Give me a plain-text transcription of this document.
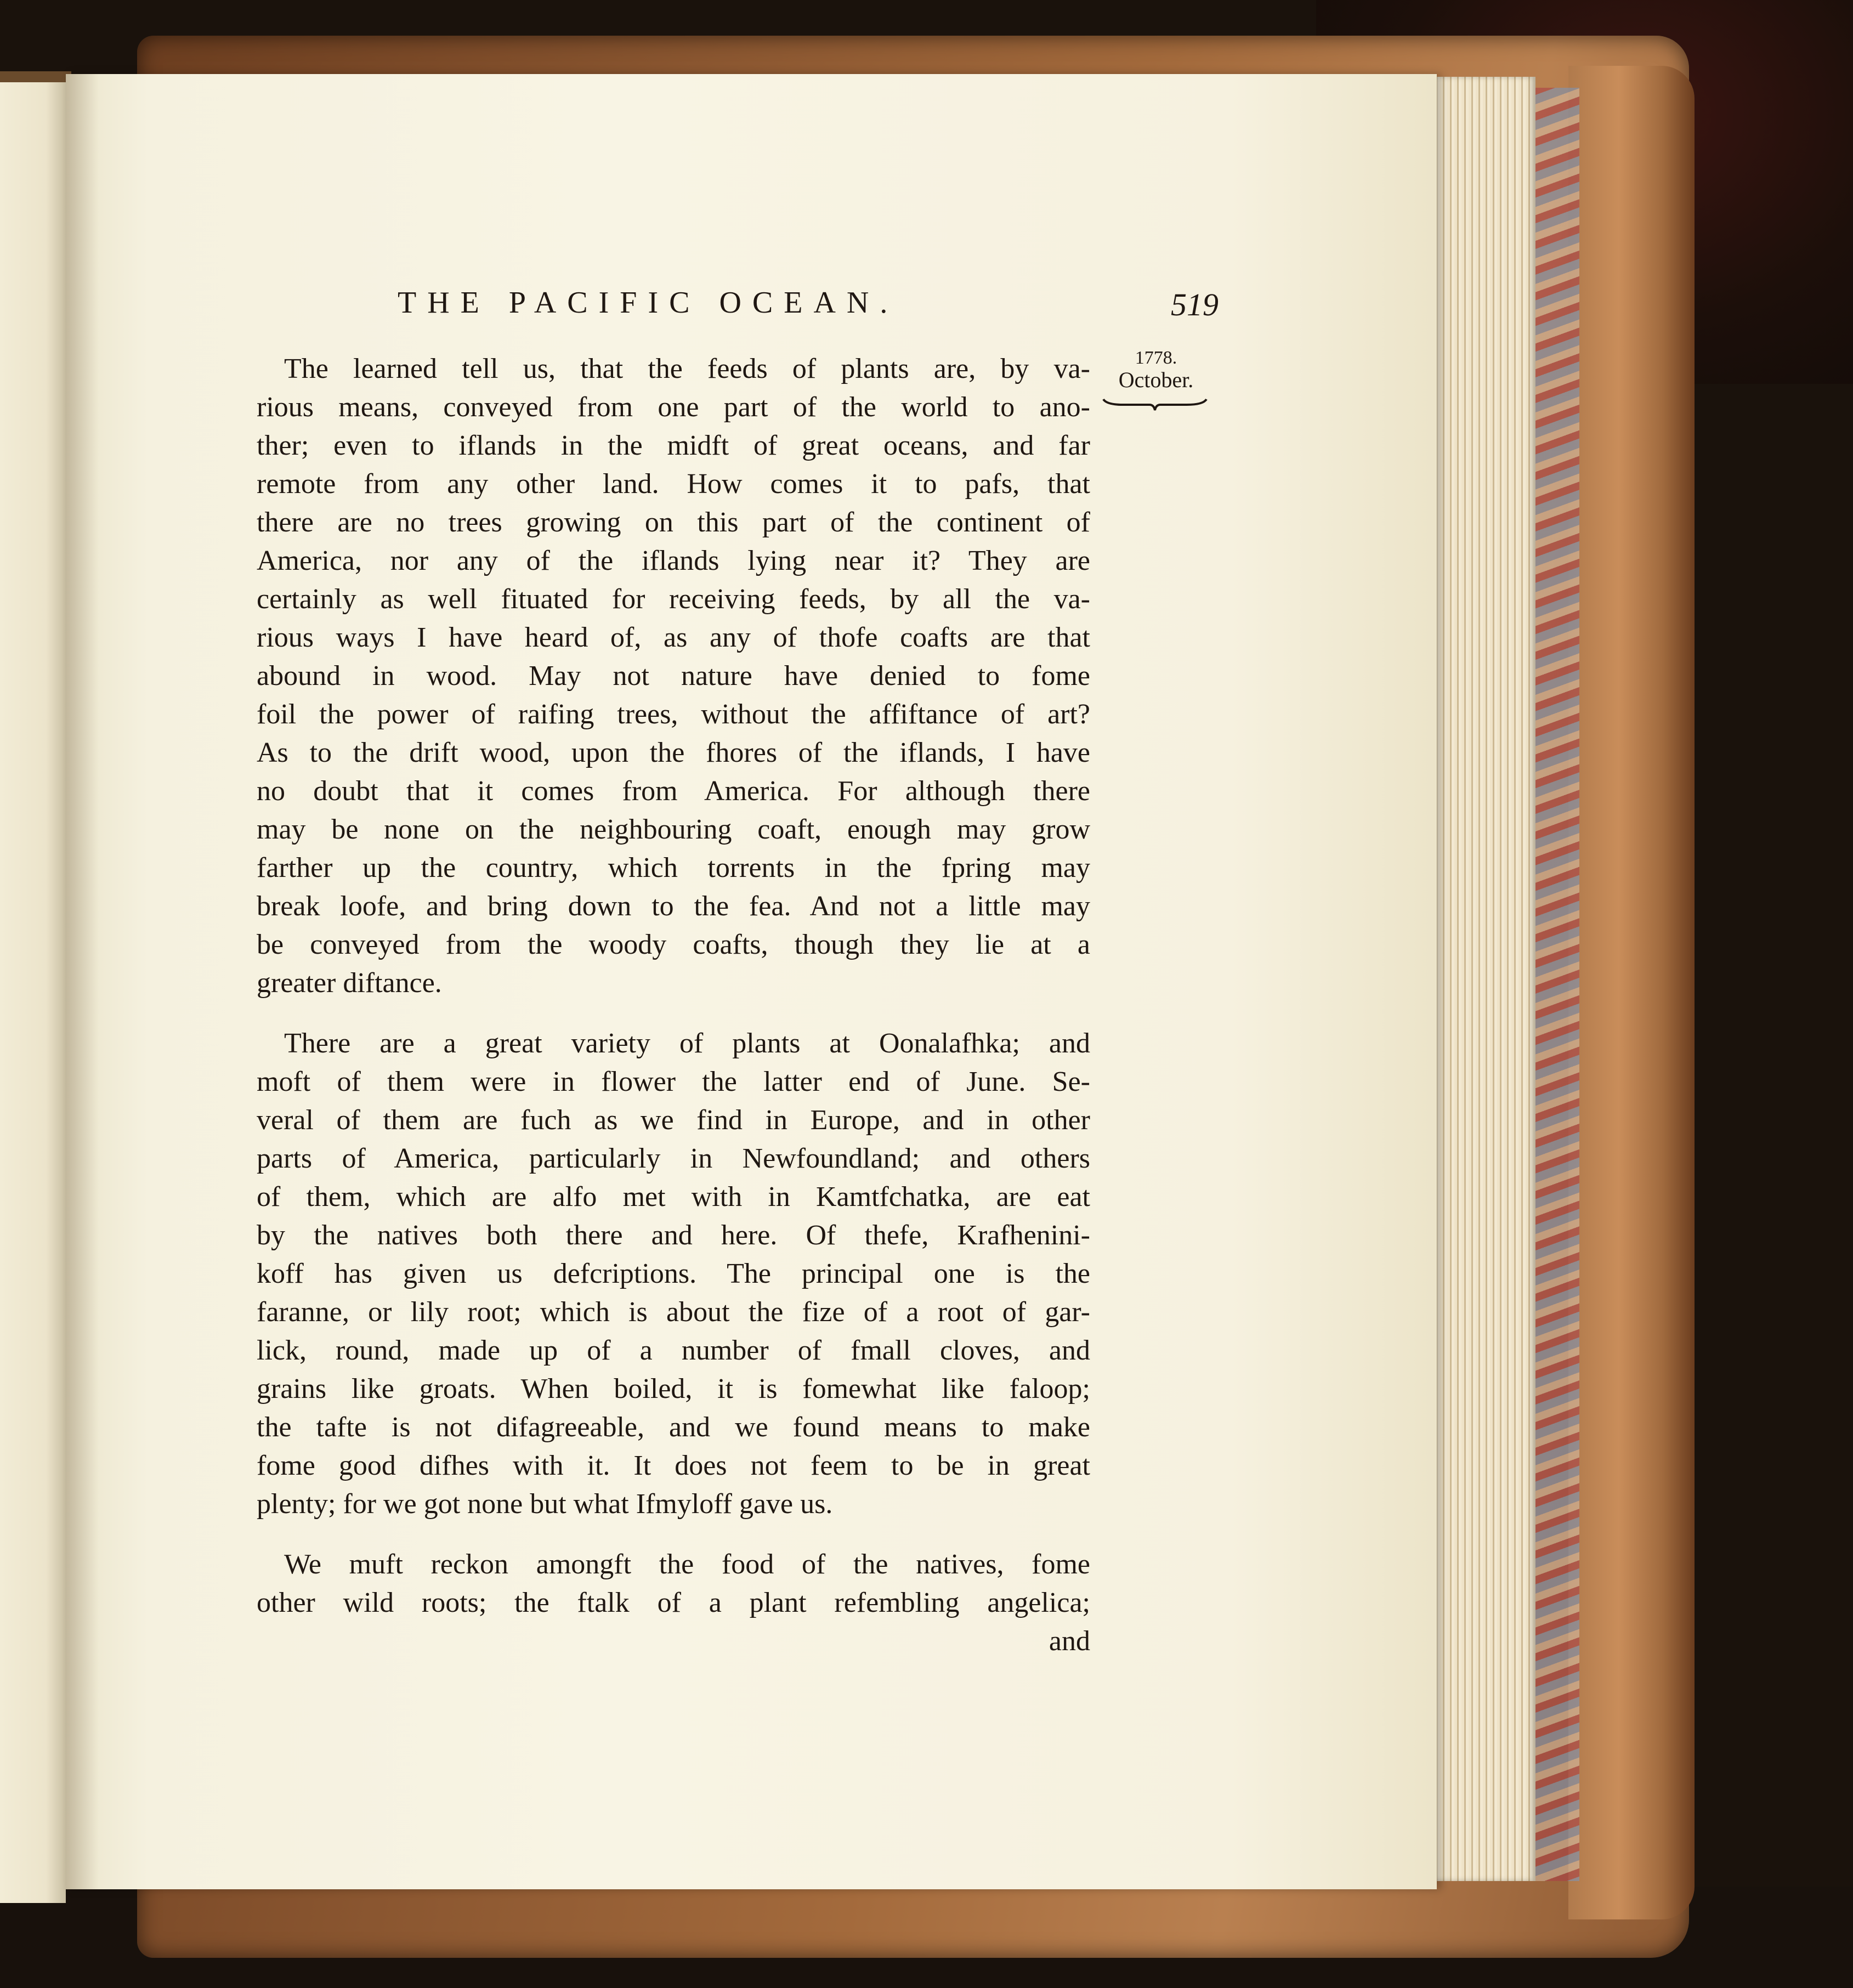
THE PACIFIC OCEAN.	519
1778.
October.
The learned tell us, that the feeds of plants are, by va-
rious means, conveyed from one part of the world to ano-
ther; even to iflands in the midft of great oceans, and far
remote from any other land. How comes it to pafs, that
there are no trees growing on this part of the continent of
America, nor any of the iflands lying near it? They are
certainly as well fituated for receiving feeds, by all the va-
rious ways I have heard of, as any of thofe coafts are that
abound in wood. May not nature have denied to fome
foil the power of raifing trees, without the affiftance of art?
As to the drift wood, upon the fhores of the iflands, I have
no doubt that it comes from America. For although there
may be none on the neighbouring coaft, enough may grow
farther up the country, which torrents in the fpring may
break loofe, and bring down to the fea. And not a little may
be conveyed from the woody coafts, though they lie at a
greater diftance.
There are a great variety of plants at Oonalafhka; and
moft of them were in flower the latter end of June. Se-
veral of them are fuch as we find in Europe, and in other
parts of America, particularly in Newfoundland; and others
of them, which are alfo met with in Kamtfchatka, are eat
by the natives both there and here. Of thefe, Krafhenini-
koff has given us defcriptions. The principal one is the
faranne, or lily root; which is about the fize of a root of gar-
lick, round, made up of a number of fmall cloves, and
grains like groats. When boiled, it is fomewhat like faloop;
the tafte is not difagreeable, and we found means to make
fome good difhes with it. It does not feem to be in great
plenty; for we got none but what Ifmyloff gave us.
We muft reckon amongft the food of the natives, fome
other wild roots; the ftalk of a plant refembling angelica;
and
